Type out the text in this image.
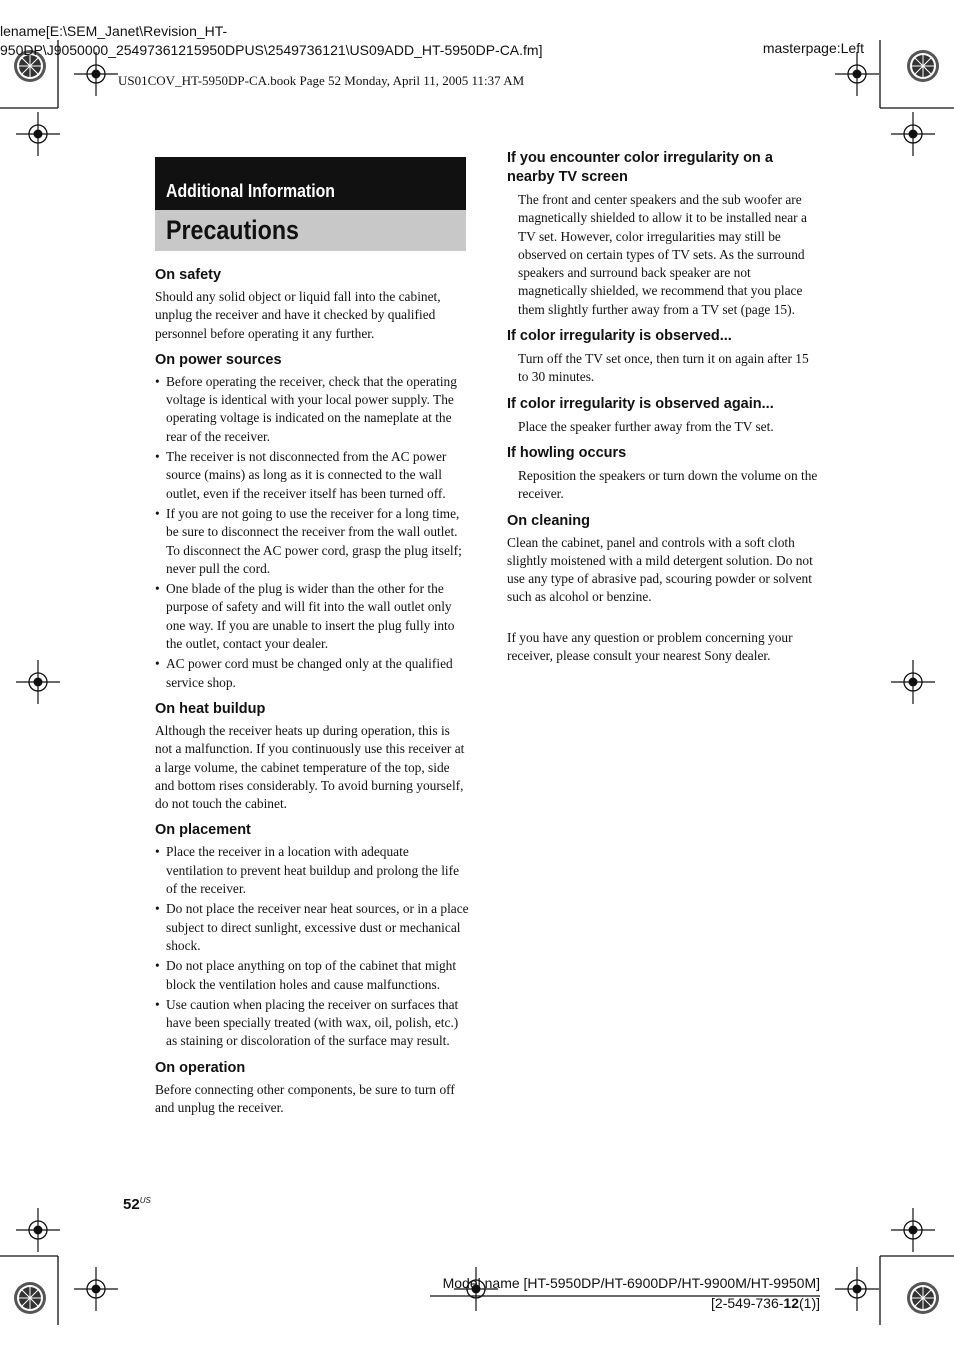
lename[E:\SEM_Janet\Revision_HT-
950DP\J9050000_25497361215950DPUS\2549736121\US09ADD_HT-5950DP-CA.fm]	masterpage:Left
US01COV_HT-5950DP-CA.book Page 52 Monday, April 11, 2005 11:37 AM
Additional Information
Precautions
On safety

Should any solid object or liquid fall into the cabinet, unplug the receiver and have it checked by qualified personnel before operating it any further.

On power sources
• Before operating the receiver, check that the operating voltage is identical with your local power supply. The operating voltage is indicated on the nameplate at the rear of the receiver.
• The receiver is not disconnected from the AC power source (mains) as long as it is connected to the wall outlet, even if the receiver itself has been turned off.
• If you are not going to use the receiver for a long time, be sure to disconnect the receiver from the wall outlet. To disconnect the AC power cord, grasp the plug itself; never pull the cord.
• One blade of the plug is wider than the other for the purpose of safety and will fit into the wall outlet only one way. If you are unable to insert the plug fully into the outlet, contact your dealer.
• AC power cord must be changed only at the qualified service shop.
On heat buildup

Although the receiver heats up during operation, this is not a malfunction. If you continuously use this receiver at a large volume, the cabinet temperature of the top, side and bottom rises considerably. To avoid burning yourself, do not touch the cabinet.

On placement
• Place the receiver in a location with adequate ventilation to prevent heat buildup and prolong the life of the receiver.
• Do not place the receiver near heat sources, or in a place subject to direct sunlight, excessive dust or mechanical shock.
• Do not place anything on top of the cabinet that might block the ventilation holes and cause malfunctions.
• Use caution when placing the receiver on surfaces that have been specially treated (with wax, oil, polish, etc.) as staining or discoloration of the surface may result.
On operation

Before connecting other components, be sure to turn off and unplug the receiver.

If you encounter color irregularity on a nearby TV screen

The front and center speakers and the sub woofer are magnetically shielded to allow it to be installed near a TV set. However, color irregularities may still be observed on certain types of TV sets. As the surround speakers and surround back speaker are not magnetically shielded, we recommend that you place them slightly further away from a TV set (page 15).

If color irregularity is observed...

Turn off the TV set once, then turn it on again after 15 to 30 minutes.

If color irregularity is observed again...

Place the speaker further away from the TV set.

If howling occurs

Reposition the speakers or turn down the volume on the receiver.

On cleaning

Clean the cabinet, panel and controls with a soft cloth slightly moistened with a mild detergent solution. Do not use any type of abrasive pad, scouring powder or solvent such as alcohol or benzine.

If you have any question or problem concerning your receiver, please consult your nearest Sony dealer.

$52^{US}$
Model name [HT-5950DP/HT-6900DP/HT-9900M/HT-9950M]
[2-549-736-12(1)]
